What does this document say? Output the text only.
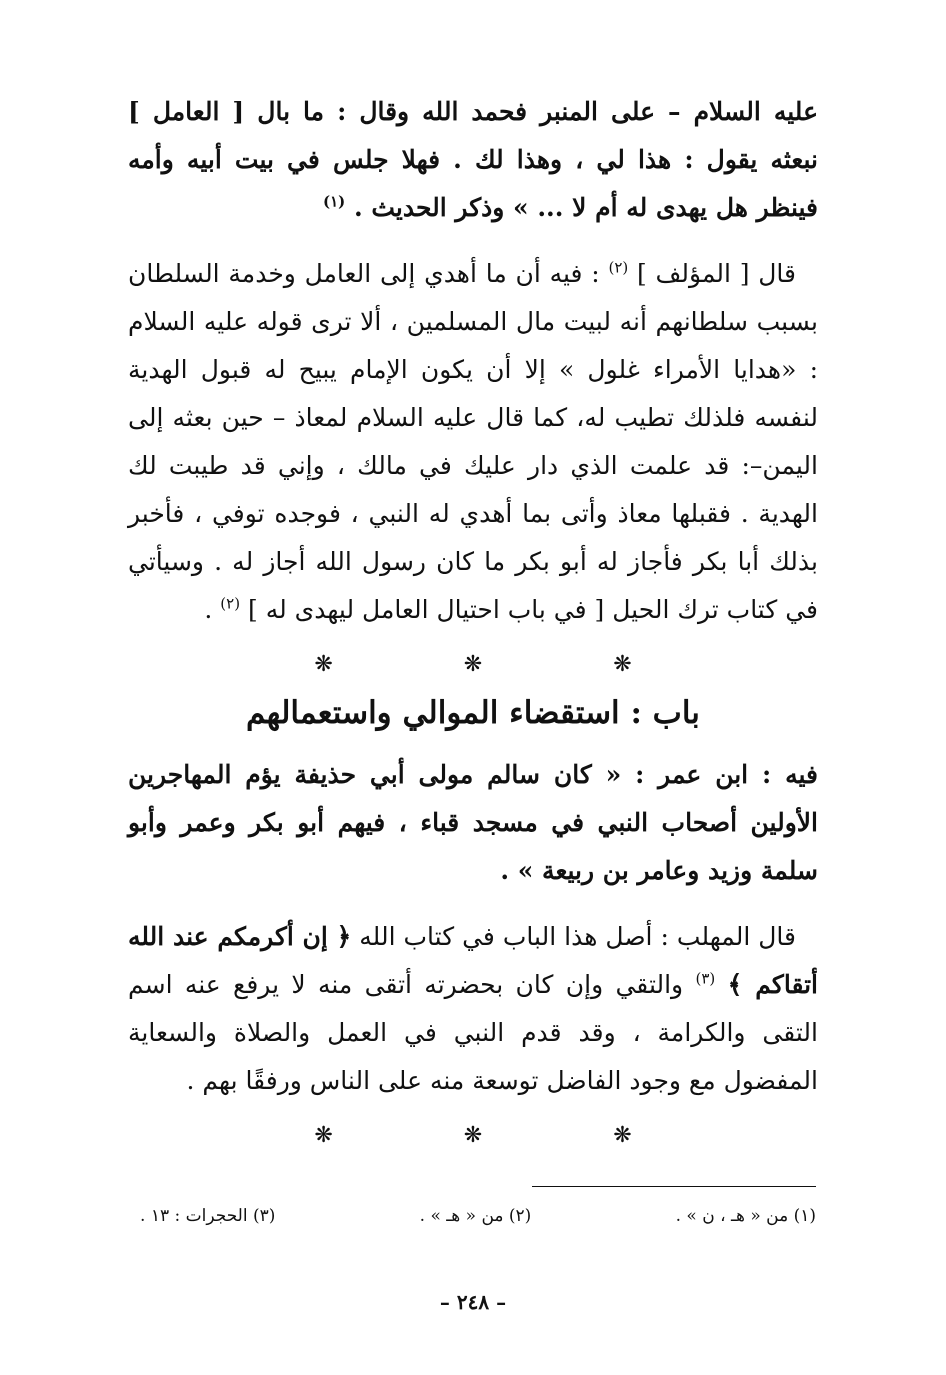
عليه السلام – على المنبر فحمد الله وقال : ما بال [ العامل ] نبعثه يقول : هذا لي ، وهذا لك . فهلا جلس في بيت أبيه وأمه فينظر هل يهدى له أم لا ... » وذكر الحديث . $^{(١)}$

قال [ المؤلف ] $^{(٢)}$ : فيه أن ما أهدي إلى العامل وخدمة السلطان بسبب سلطانهم أنه لبيت مال المسلمين ، ألا ترى قوله عليه السلام : «هدايا الأمراء غلول » إلا أن يكون الإمام يبيح له قبول الهدية لنفسه فلذلك تطيب له، كما قال عليه السلام لمعاذ – حين بعثه إلى اليمن–: قد علمت الذي دار عليك في مالك ، وإني قد طيبت لك الهدية . فقبلها معاذ وأتى بما أهدي له النبي ، فوجده توفي ، فأخبر بذلك أبا بكر فأجاز له أبو بكر ما كان رسول الله أجاز له . وسيأتي في كتاب ترك الحيل [ في باب احتيال العامل ليهدى له ] $^{(٢)}$ .

❋ ❋ ❋
باب : استقضاء الموالي واستعمالهم

فيه : ابن عمر : « كان سالم مولى أبي حذيفة يؤم المهاجرين الأولين أصحاب النبي في مسجد قباء ، فيهم أبو بكر وعمر وأبو سلمة وزيد وعامر بن ربيعة » .

قال المهلب : أصل هذا الباب في كتاب الله ﴿ إن أكرمكم عند الله أتقاكم ﴾ $^{(٣)}$ والتقي وإن كان بحضرته أتقى منه لا يرفع عنه اسم التقى والكرامة ، وقد قدم النبي في العمل والصلاة والسعاية المفضول مع وجود الفاضل توسعة منه على الناس ورفقًا بهم .

❋ ❋ ❋
(١) من « هـ ، ن » .
(٢) من « هـ » .
(٣) الحجرات : ١٣ .
– ٢٤٨ –
